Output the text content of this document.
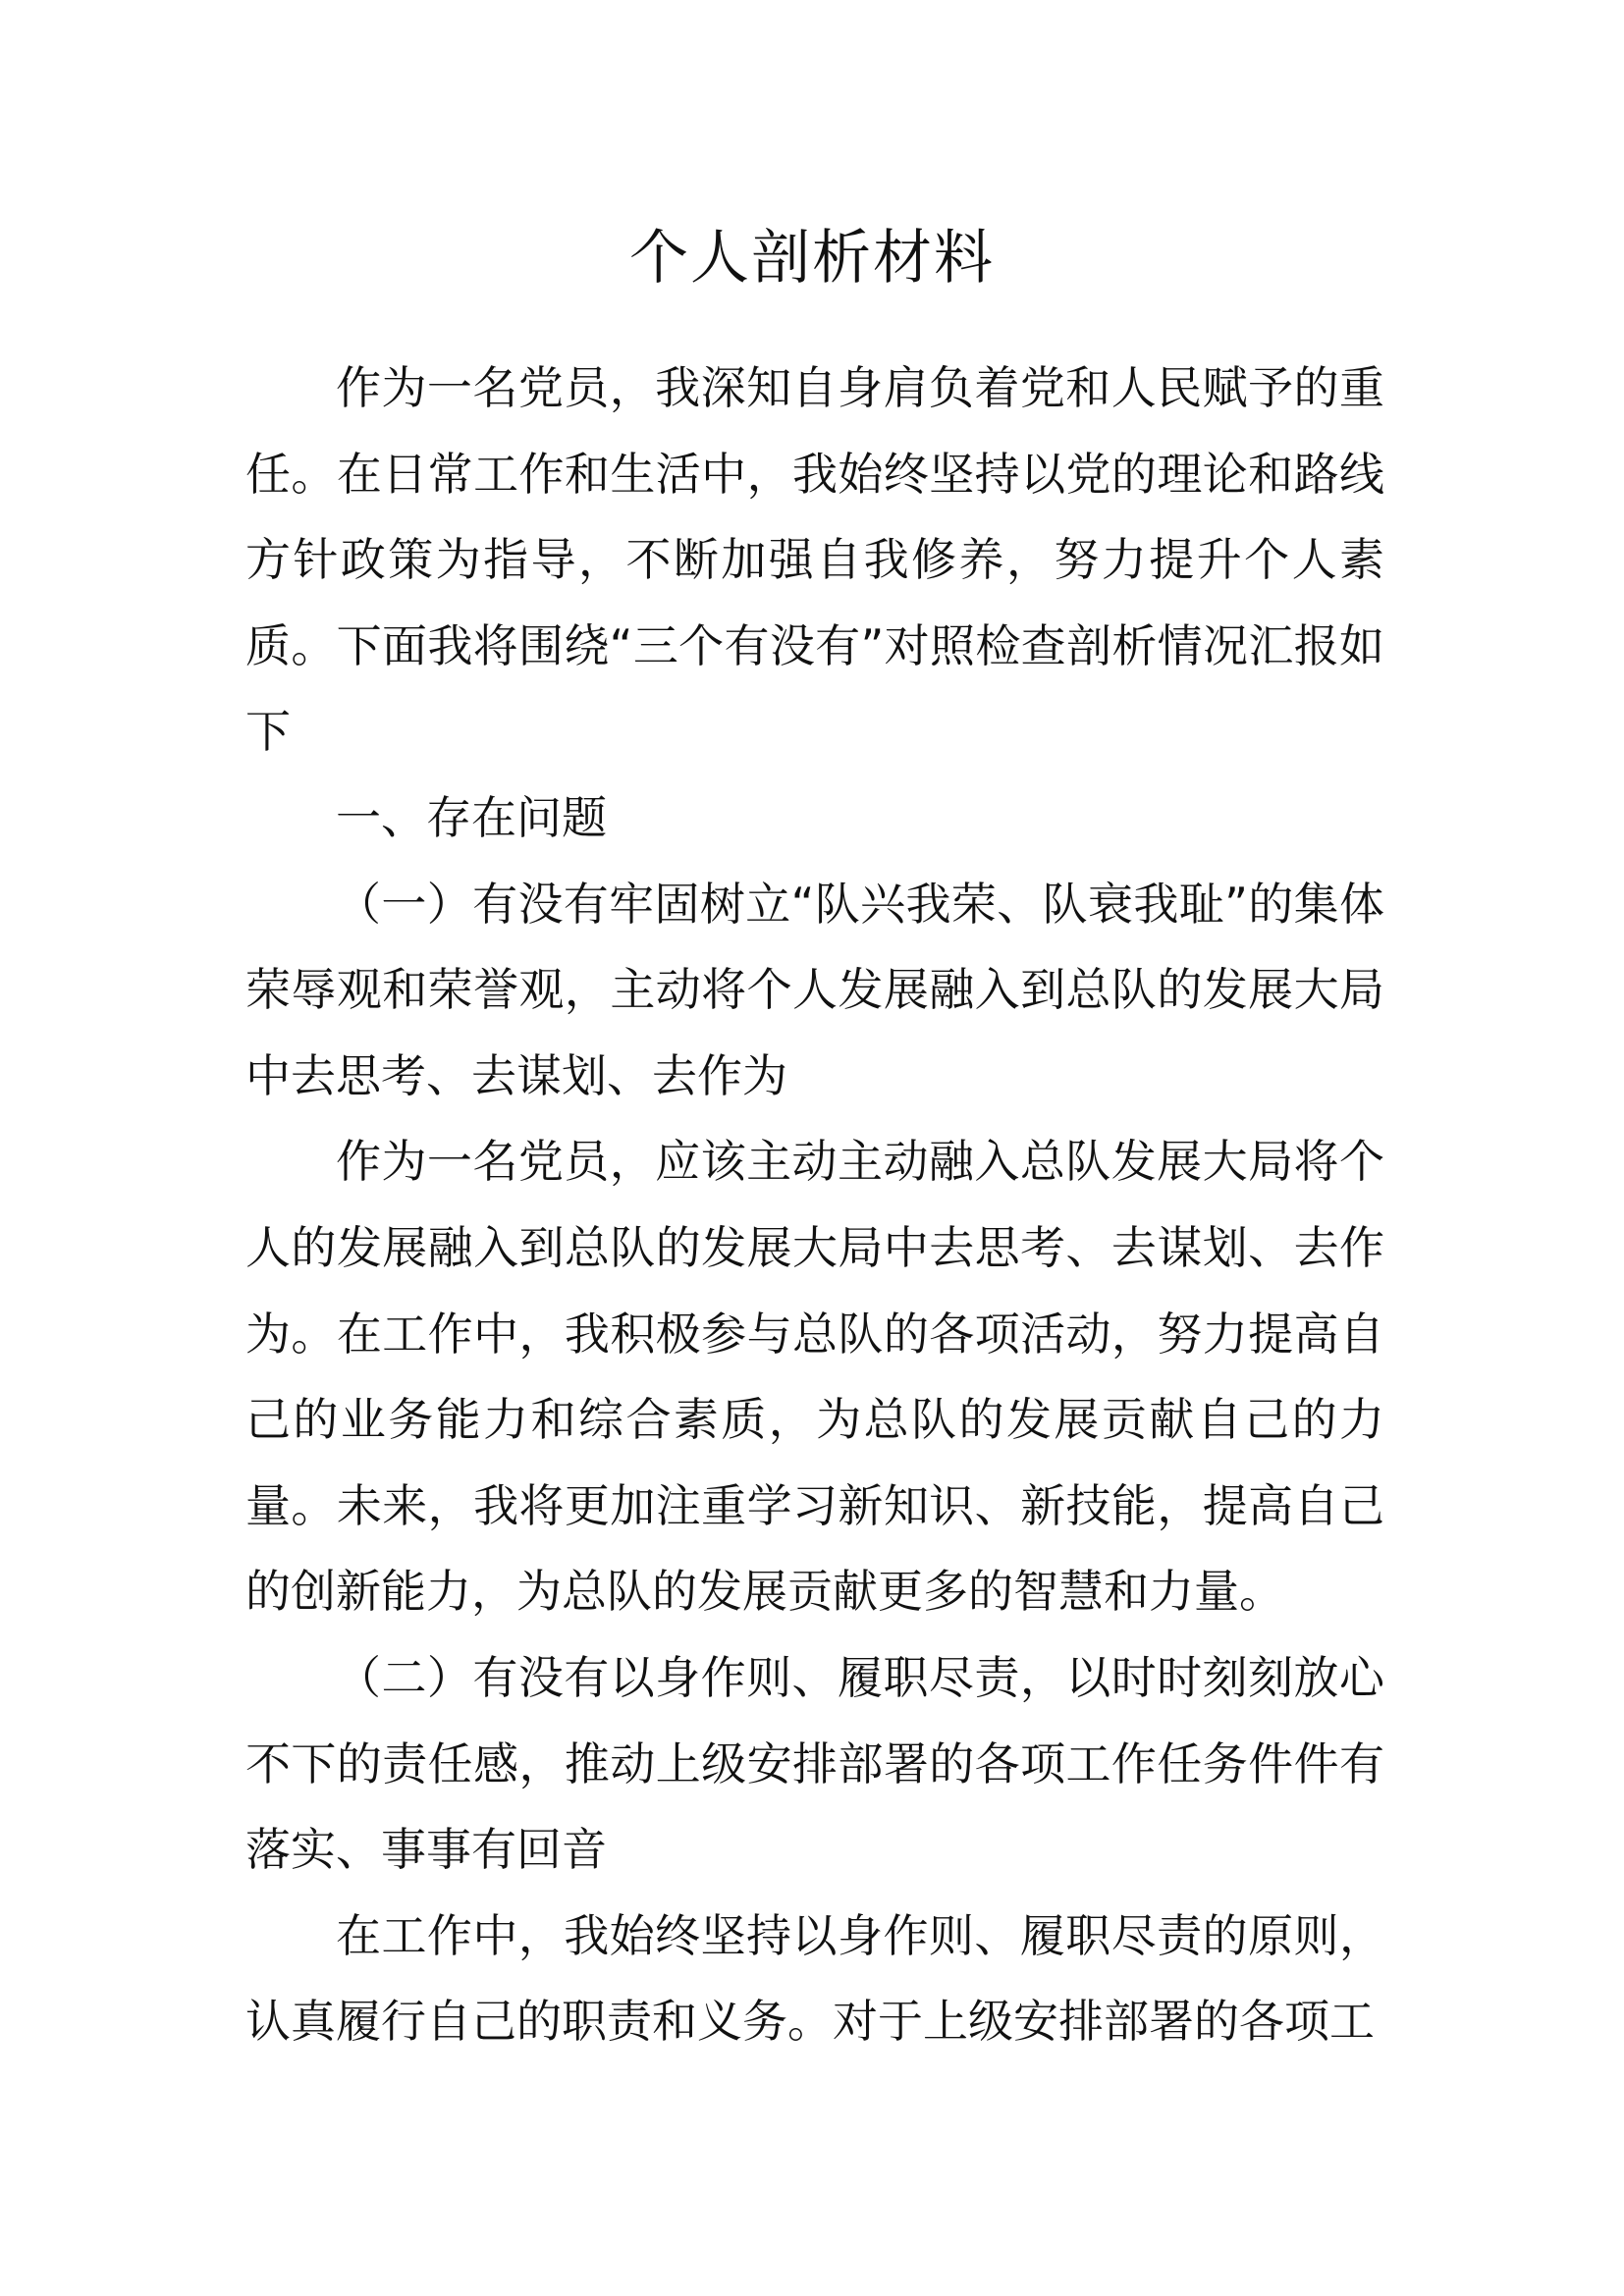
个人剖析材料

作为一名党员，我深知自身肩负着党和人民赋予的重任。在日常工作和生活中，我始终坚持以党的理论和路线方针政策为指导，不断加强自我修养，努力提升个人素质。下面我将围绕“三个有没有”对照检查剖析情况汇报如下

一、存在问题

（一）有没有牢固树立“队兴我荣、队衰我耻”的集体荣辱观和荣誉观，主动将个人发展融入到总队的发展大局中去思考、去谋划、去作为

作为一名党员，应该主动主动融入总队发展大局将个人的发展融入到总队的发展大局中去思考、去谋划、去作为。在工作中，我积极参与总队的各项活动，努力提高自己的业务能力和综合素质，为总队的发展贡献自己的力量。未来，我将更加注重学习新知识、新技能，提高自己的创新能力，为总队的发展贡献更多的智慧和力量。

（二）有没有以身作则、履职尽责，以时时刻刻放心不下的责任感，推动上级安排部署的各项工作任务件件有落实、事事有回音

在工作中，我始终坚持以身作则、履职尽责的原则，认真履行自己的职责和义务。对于上级安排部署的各项工
